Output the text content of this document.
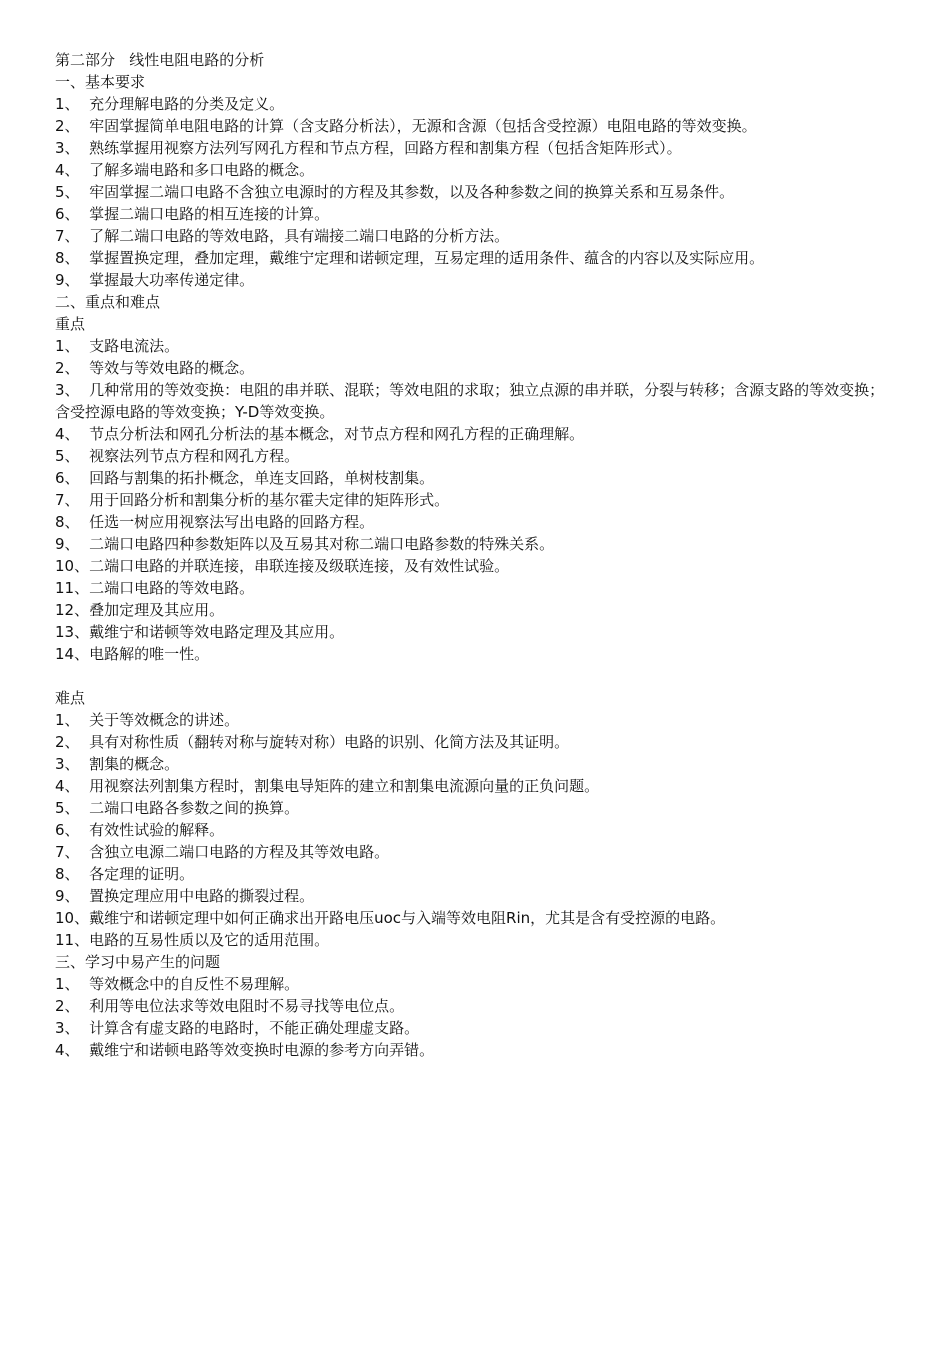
第二部分   线性电阻电路的分析
一、基本要求
1、  充分理解电路的分类及定义。
2、  牢固掌握简单电阻电路的计算（含支路分析法），无源和含源（包括含受控源）电阻电路的等效变换。
3、  熟练掌握用视察方法列写网孔方程和节点方程，回路方程和割集方程（包括含矩阵形式）。
4、  了解多端电路和多口电路的概念。
5、  牢固掌握二端口电路不含独立电源时的方程及其参数，以及各种参数之间的换算关系和互易条件。
6、  掌握二端口电路的相互连接的计算。
7、  了解二端口电路的等效电路，具有端接二端口电路的分析方法。
8、  掌握置换定理，叠加定理，戴维宁定理和诺顿定理，互易定理的适用条件、蕴含的内容以及实际应用。
9、  掌握最大功率传递定律。
二、重点和难点
重点
1、  支路电流法。
2、  等效与等效电路的概念。
3、  几种常用的等效变换：电阻的串并联、混联；等效电阻的求取；独立点源的串并联，分裂与转移；含源支路的等效变换；含受控源电路的等效变换；Y-D等效变换。
4、  节点分析法和网孔分析法的基本概念，对节点方程和网孔方程的正确理解。
5、  视察法列节点方程和网孔方程。
6、  回路与割集的拓扑概念，单连支回路，单树枝割集。
7、  用于回路分析和割集分析的基尔霍夫定律的矩阵形式。
8、  任选一树应用视察法写出电路的回路方程。
9、  二端口电路四种参数矩阵以及互易其对称二端口电路参数的特殊关系。
10、二端口电路的并联连接，串联连接及级联连接，及有效性试验。
11、二端口电路的等效电路。
12、叠加定理及其应用。
13、戴维宁和诺顿等效电路定理及其应用。
14、电路解的唯一性。
难点
1、  关于等效概念的讲述。
2、  具有对称性质（翻转对称与旋转对称）电路的识别、化简方法及其证明。
3、  割集的概念。
4、  用视察法列割集方程时，割集电导矩阵的建立和割集电流源向量的正负问题。
5、  二端口电路各参数之间的换算。
6、  有效性试验的解释。
7、  含独立电源二端口电路的方程及其等效电路。
8、  各定理的证明。
9、  置换定理应用中电路的撕裂过程。
10、戴维宁和诺顿定理中如何正确求出开路电压uoc与入端等效电阻Rin，尤其是含有受控源的电路。
11、电路的互易性质以及它的适用范围。
三、学习中易产生的问题
1、  等效概念中的自反性不易理解。
2、  利用等电位法求等效电阻时不易寻找等电位点。
3、  计算含有虚支路的电路时，不能正确处理虚支路。
4、  戴维宁和诺顿电路等效变换时电源的参考方向弄错。
